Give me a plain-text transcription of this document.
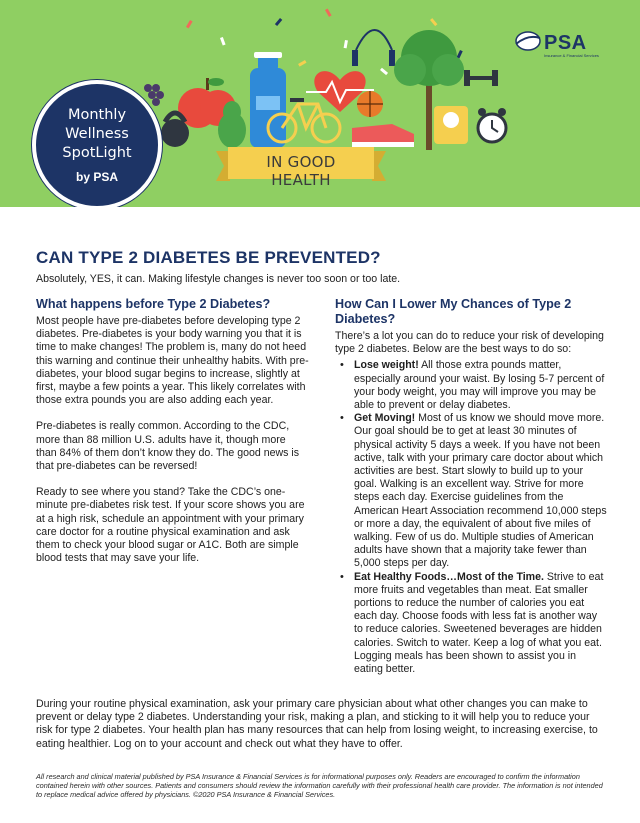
IN GOOD HEALTH
Monthly
Wellness
SpotLight
by PSA
PSA
Insurance & Financial Services
CAN TYPE 2 DIABETES BE PREVENTED?

Absolutely, YES, it can. Making lifestyle changes is never too soon or too late.

What happens before Type 2 Diabetes?

Most people have pre-diabetes before developing type 2 diabetes. Pre-diabetes is your body warning you that it is time to make changes! The problem is, many do not heed this warning and continue their unhealthy habits. With pre-diabetes, your blood sugar begins to increase, slightly at first, maybe a few points a year. This likely correlates with those extra pounds you are also adding each year.

Pre-diabetes is really common. According to the CDC, more than 88 million U.S. adults have it, though more than 84% of them don’t know they do. The good news is that pre-diabetes can be reversed!

Ready to see where you stand? Take the CDC’s one-minute pre-diabetes risk test. If your score shows you are at a high risk, schedule an appointment with your primary care doctor for a routine physical examination and ask them to check your blood sugar or A1C. Both are simple blood tests that may save your life.

How Can I Lower My Chances of Type 2 Diabetes?

There’s a lot you can do to reduce your risk of developing type 2 diabetes. Below are the best ways to do so:

• Lose weight! All those extra pounds matter, especially around your waist. By losing 5-7 percent of your body weight, you may will improve you may be able to prevent or delay diabetes.
• Get Moving! Most of us know we should move more. Our goal should be to get at least 30 minutes of physical activity 5 days a week. If you have not been active, talk with your primary care doctor about which activities are best. Start slowly to build up to your goal. Walking is an excellent way. Strive for more steps each day. Exercise guidelines from the American Heart Association recommend 10,000 steps or more a day, the equivalent of about five miles of walking. Few of us do. Multiple studies of American adults have shown that a majority take fewer than 5,000 steps per day.
• Eat Healthy Foods…Most of the Time. Strive to eat more fruits and vegetables than meat. Eat smaller portions to reduce the number of calories you eat each day. Choose foods with less fat is another way to reduce calories. Sweetened beverages are hidden calories. Switch to water. Keep a log of what you eat. Logging meals has been shown to assist you in eating better.

During your routine physical examination, ask your primary care physician about what other changes you can make to prevent or delay type 2 diabetes. Understanding your risk, making a plan, and sticking to it will help you to reduce your risk for type 2 diabetes. Your health plan has many resources that can help from losing weight, to increasing exercise, to eating healthier. Log on to your account and check out what they have to offer.

All research and clinical material published by PSA Insurance & Financial Services is for informational purposes only. Readers are encouraged to confirm the information contained herein with other sources. Patients and consumers should review the information carefully with their professional health care provider. The information is not intended to replace medical advice offered by physicians. ©2020 PSA Insurance & Financial Services.
